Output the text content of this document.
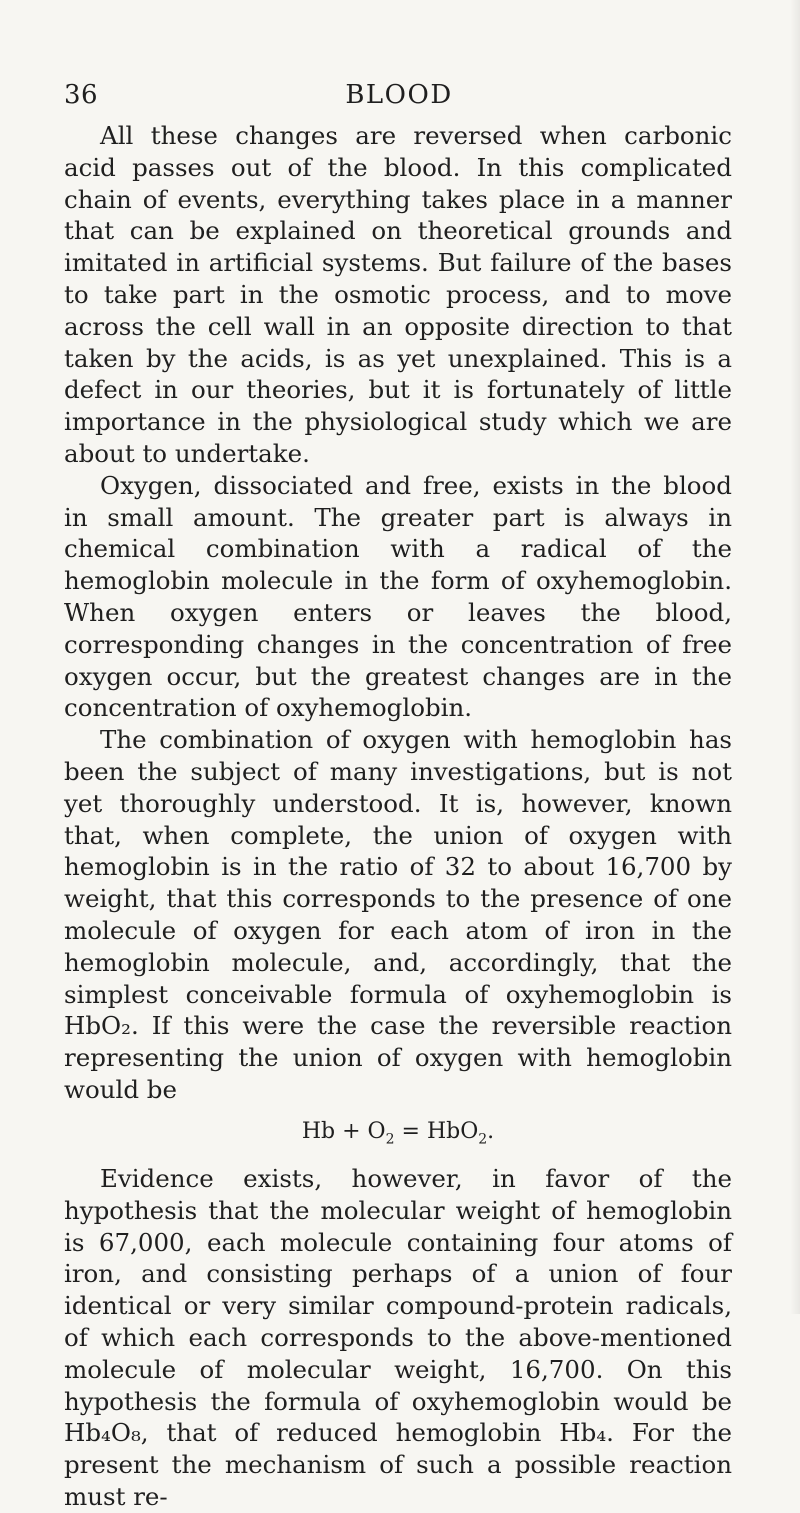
36	BLOOD

All these changes are reversed when carbonic acid passes out of the blood. In this complicated chain of events, everything takes place in a manner that can be explained on theoretical grounds and imitated in artificial systems. But failure of the bases to take part in the osmotic process, and to move across the cell wall in an opposite direction to that taken by the acids, is as yet unexplained. This is a defect in our theories, but it is fortunately of little importance in the physiological study which we are about to undertake.

Oxygen, dissociated and free, exists in the blood in small amount. The greater part is always in chemical combination with a radical of the hemoglobin molecule in the form of oxyhemoglobin. When oxygen enters or leaves the blood, corresponding changes in the concentration of free oxygen occur, but the greatest changes are in the concentration of oxyhemoglobin.

The combination of oxygen with hemoglobin has been the subject of many investigations, but is not yet thoroughly understood. It is, however, known that, when complete, the union of oxygen with hemoglobin is in the ratio of 32 to about 16,700 by weight, that this corresponds to the presence of one molecule of oxygen for each atom of iron in the hemoglobin molecule, and, accordingly, that the simplest conceivable formula of oxyhemoglobin is HbO₂. If this were the case the reversible reaction representing the union of oxygen with hemoglobin would be

$Hb + O_2 = HbO_2$.

Evidence exists, however, in favor of the hypothesis that the molecular weight of hemoglobin is 67,000, each molecule containing four atoms of iron, and consisting perhaps of a union of four identical or very similar compound-protein radicals, of which each corresponds to the above-mentioned molecule of molecular weight, 16,700. On this hypothesis the formula of oxyhemoglobin would be Hb₄O₈, that of reduced hemoglobin Hb₄. For the present the mechanism of such a possible reaction must re-
